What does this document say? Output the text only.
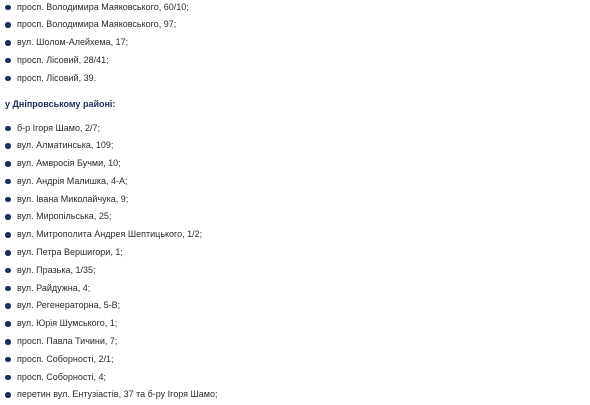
просп. Володимира Маяковського, 60/10;
просп. Володимира Маяковського, 97;
вул. Шолом-Алейхема, 17;
просп. Лісовий, 28/41;
просп. Лісовий, 39.
у Дніпровському районі:
б-р Ігоря Шамо, 2/7;
вул. Алматинська, 109;
вул. Амвросія Бучми, 10;
вул. Андрія Малишка, 4-А;
вул. Івана Миколайчука, 9;
вул. Миропільська, 25;
вул. Митрополита Андрея Шептицького, 1/2;
вул. Петра Вершигори, 1;
вул. Празька, 1/35;
вул. Райдужна, 4;
вул. Регенераторна, 5-В;
вул. Юрія Шумського, 1;
просп. Павла Тичини, 7;
просп. Соборності, 2/1;
просп. Соборності, 4;
перетин вул. Ентузіастів, 37 та б-ру Ігоря Шамо;
